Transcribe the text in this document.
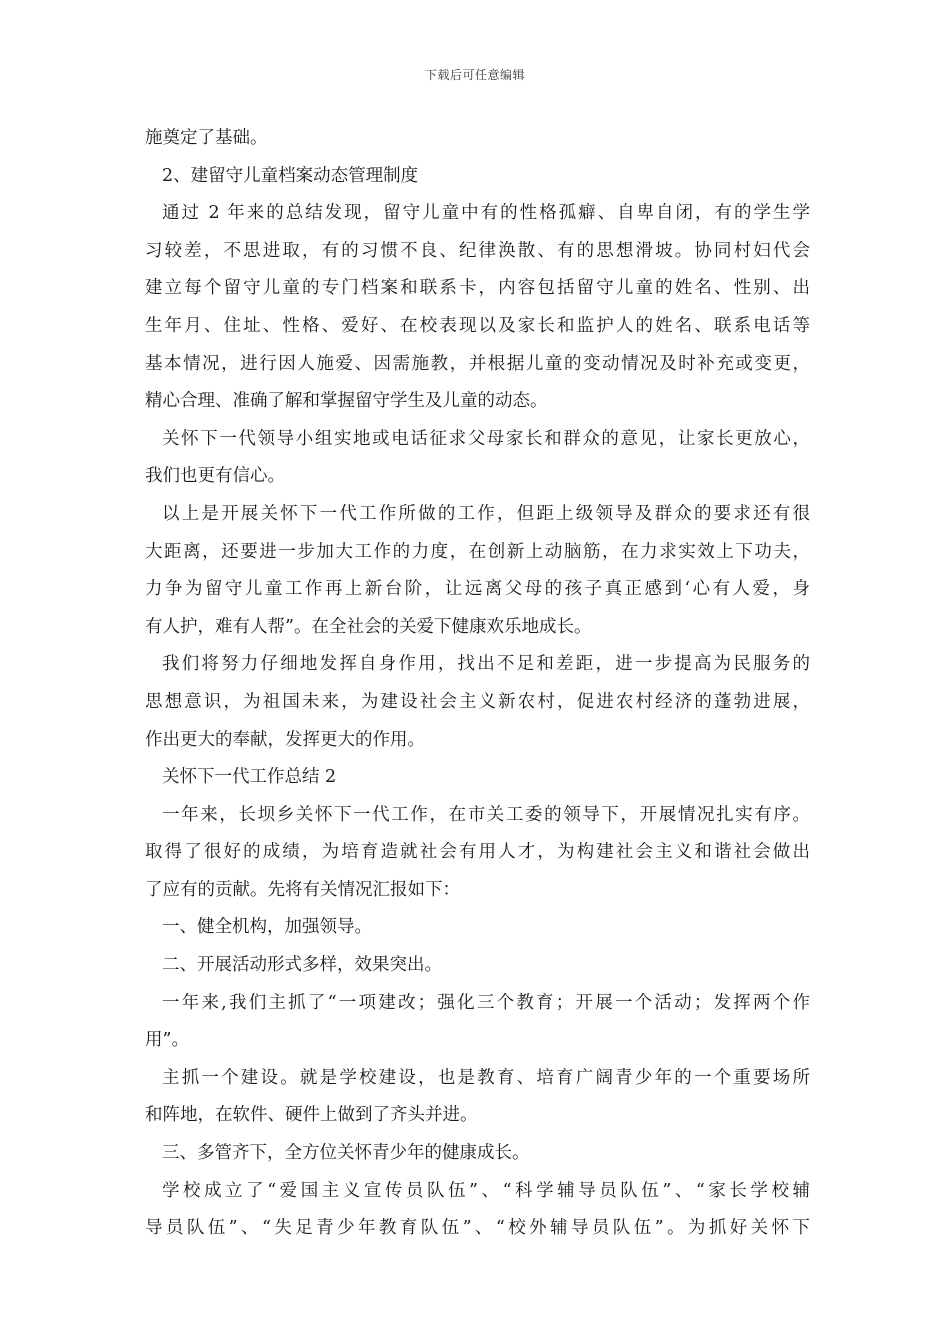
下载后可任意编辑
施奠定了基础。
2、建留守儿童档案动态管理制度
通过 2 年来的总结发现，留守儿童中有的性格孤癖、自卑自闭，有的学生学
习较差，不思进取，有的习惯不良、纪律涣散、有的思想滑坡。协同村妇代会
建立每个留守儿童的专门档案和联系卡，内容包括留守儿童的姓名、性别、出
生年月、住址、性格、爱好、在校表现以及家长和监护人的姓名、联系电话等
基本情况，进行因人施爱、因需施教，并根据儿童的变动情况及时补充或变更，
精心合理、准确了解和掌握留守学生及儿童的动态。
关怀下一代领导小组实地或电话征求父母家长和群众的意见，让家长更放心，
我们也更有信心。
以上是开展关怀下一代工作所做的工作，但距上级领导及群众的要求还有很
大距离，还要进一步加大工作的力度，在创新上动脑筋，在力求实效上下功夫，
力争为留守儿童工作再上新台阶，让远离父母的孩子真正感到‘心有人爱，身
有人护，难有人帮”。在全社会的关爱下健康欢乐地成长。
我们将努力仔细地发挥自身作用，找出不足和差距，进一步提高为民服务的
思想意识，为祖国未来，为建设社会主义新农村，促进农村经济的蓬勃进展，
作出更大的奉献，发挥更大的作用。
关怀下一代工作总结 2
一年来，长坝乡关怀下一代工作，在市关工委的领导下，开展情况扎实有序。
取得了很好的成绩，为培育造就社会有用人才，为构建社会主义和谐社会做出
了应有的贡献。先将有关情况汇报如下：
一、健全机构，加强领导。
二、开展活动形式多样，效果突出。
一年来,我们主抓了“一项建改；强化三个教育；开展一个活动；发挥两个作
用”。
主抓一个建设。就是学校建设，也是教育、培育广阔青少年的一个重要场所
和阵地，在软件、硬件上做到了齐头并进。
三、多管齐下，全方位关怀青少年的健康成长。
学校成立了“爱国主义宣传员队伍”、“科学辅导员队伍”、“家长学校辅
导员队伍”、“失足青少年教育队伍”、“校外辅导员队伍”。为抓好关怀下
